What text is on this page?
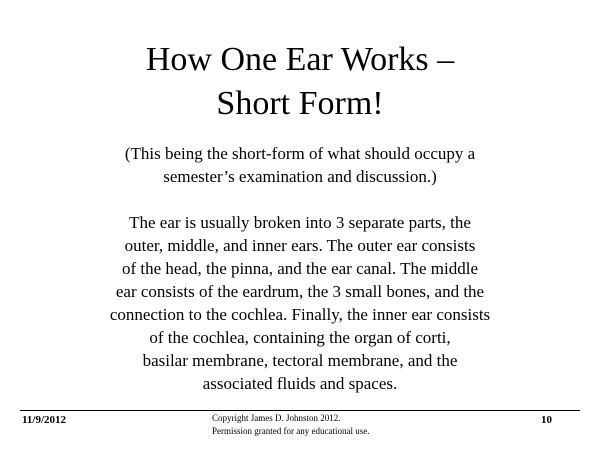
How One Ear Works –
Short Form!
(This being the short-form of what should occupy a
semester’s examination and discussion.)
The ear is usually broken into 3 separate parts, the
outer, middle, and inner ears. The outer ear consists
of the head, the pinna, and the ear canal. The middle
ear consists of the eardrum, the 3 small bones, and the
connection to the cochlea. Finally, the inner ear consists
of the cochlea, containing the organ of corti,
basilar membrane, tectoral membrane, and the
associated fluids and spaces.
11/9/2012	Copyright James D. Johnston 2012.
Permission granted for any educational use.
10
